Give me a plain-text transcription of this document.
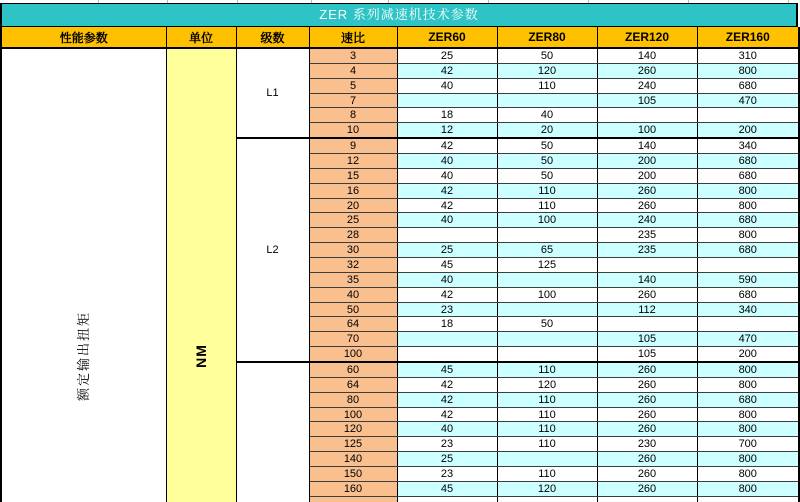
ZER 系列减速机技术参数
性能参数	单位	级数	速比	ZER60	ZER80	ZER120	ZER160

额定输出扭矩	NM	L1	3	25	50	140	310
			4	42	120	260	800
			5	40	110	240	680
			7			105	470
			8	18	40		
			10	12	20	100	200
		L2	9	42	50	140	340
			12	40	50	200	680
			15	40	50	200	680
			16	42	110	260	800
			20	42	110	260	800
			25	40	100	240	680
			28			235	800
			30	25	65	235	680
			32	45	125		
			35	40		140	590
			40	42	100	260	680
			50	23		112	340
			64	18	50		
			70			105	470
			100			105	200
			60	45	110	260	800
			64	42	120	260	800
			80	42	110	260	680
			100	42	110	260	800
			120	40	110	260	800
			125	23	110	230	700
			140	25		260	800
			150	23	110	260	800
			160	45	120	260	800
